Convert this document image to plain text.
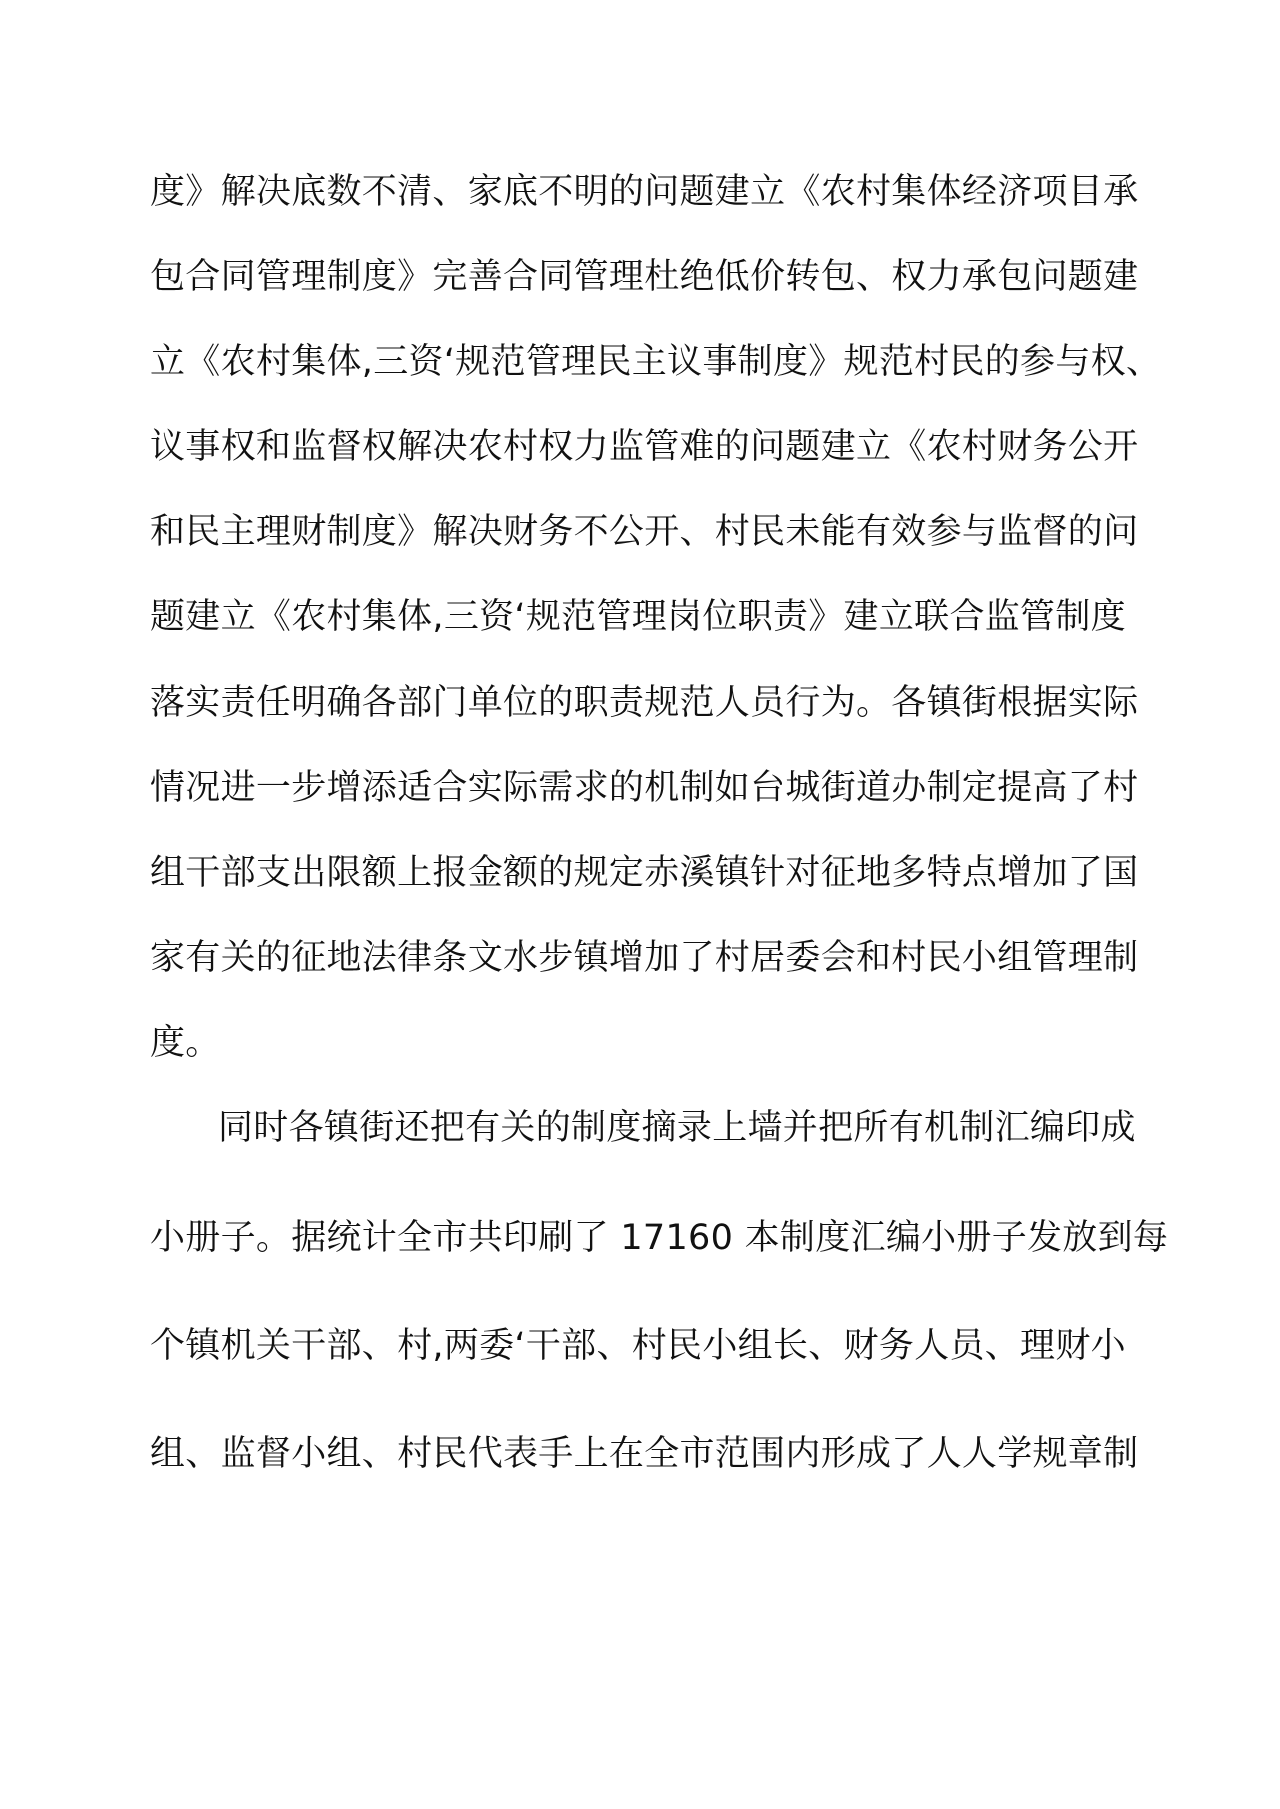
度》解决底数不清、家底不明的问题建立《农村集体经济项目承
包合同管理制度》完善合同管理杜绝低价转包、权力承包问题建
立《农村集体,三资‘规范管理民主议事制度》规范村民的参与权、
议事权和监督权解决农村权力监管难的问题建立《农村财务公开
和民主理财制度》解决财务不公开、村民未能有效参与监督的问
题建立《农村集体,三资‘规范管理岗位职责》建立联合监管制度
落实责任明确各部门单位的职责规范人员行为。各镇街根据实际
情况进一步增添适合实际需求的机制如台城街道办制定提高了村
组干部支出限额上报金额的规定赤溪镇针对征地多特点增加了国
家有关的征地法律条文水步镇增加了村居委会和村民小组管理制
度。
同时各镇街还把有关的制度摘录上墙并把所有机制汇编印成
小册子。据统计全市共印刷了 17160 本制度汇编小册子发放到每
个镇机关干部、村,两委‘干部、村民小组长、财务人员、理财小
组、监督小组、村民代表手上在全市范围内形成了人人学规章制
